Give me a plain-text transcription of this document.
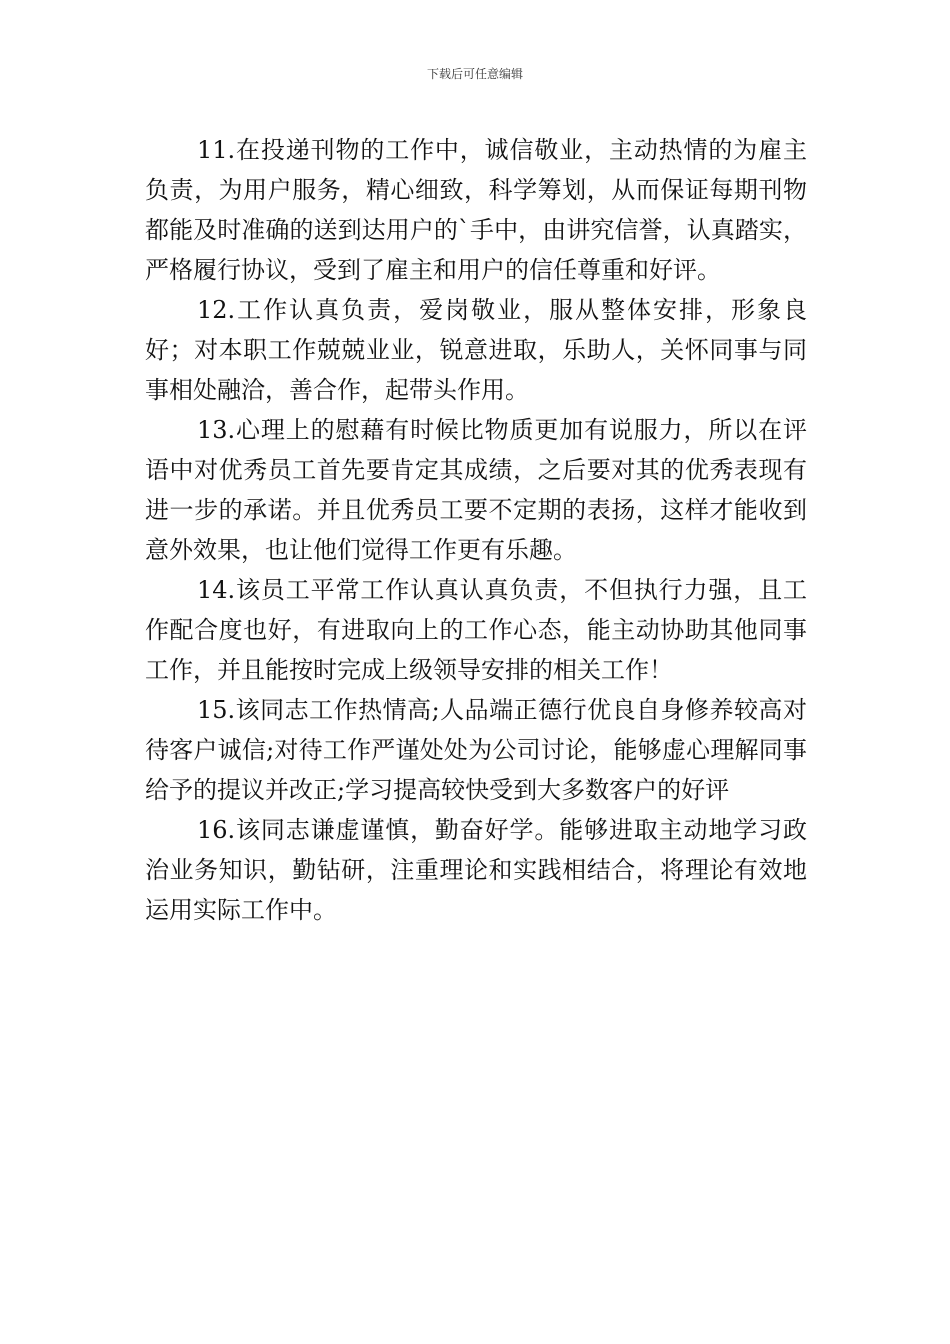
下载后可任意编辑

11.在投递刊物的工作中，诚信敬业，主动热情的为雇主负责，为用户服务，精心细致，科学筹划，从而保证每期刊物都能及时准确的送到达用户的`手中，由讲究信誉，认真踏实，严格履行协议，受到了雇主和用户的信任尊重和好评。

12.工作认真负责，爱岗敬业，服从整体安排，形象良好；对本职工作兢兢业业，锐意进取，乐助人，关怀同事与同事相处融洽，善合作，起带头作用。

13.心理上的慰藉有时候比物质更加有说服力，所以在评语中对优秀员工首先要肯定其成绩，之后要对其的优秀表现有进一步的承诺。并且优秀员工要不定期的表扬，这样才能收到意外效果，也让他们觉得工作更有乐趣。

14.该员工平常工作认真认真负责，不但执行力强，且工作配合度也好，有进取向上的工作心态，能主动协助其他同事工作，并且能按时完成上级领导安排的相关工作！

15.该同志工作热情高;人品端正德行优良自身修养较高对待客户诚信;对待工作严谨处处为公司讨论，能够虚心理解同事给予的提议并改正;学习提高较快受到大多数客户的好评

16.该同志谦虚谨慎，勤奋好学。能够进取主动地学习政治业务知识，勤钻研，注重理论和实践相结合，将理论有效地运用实际工作中。
